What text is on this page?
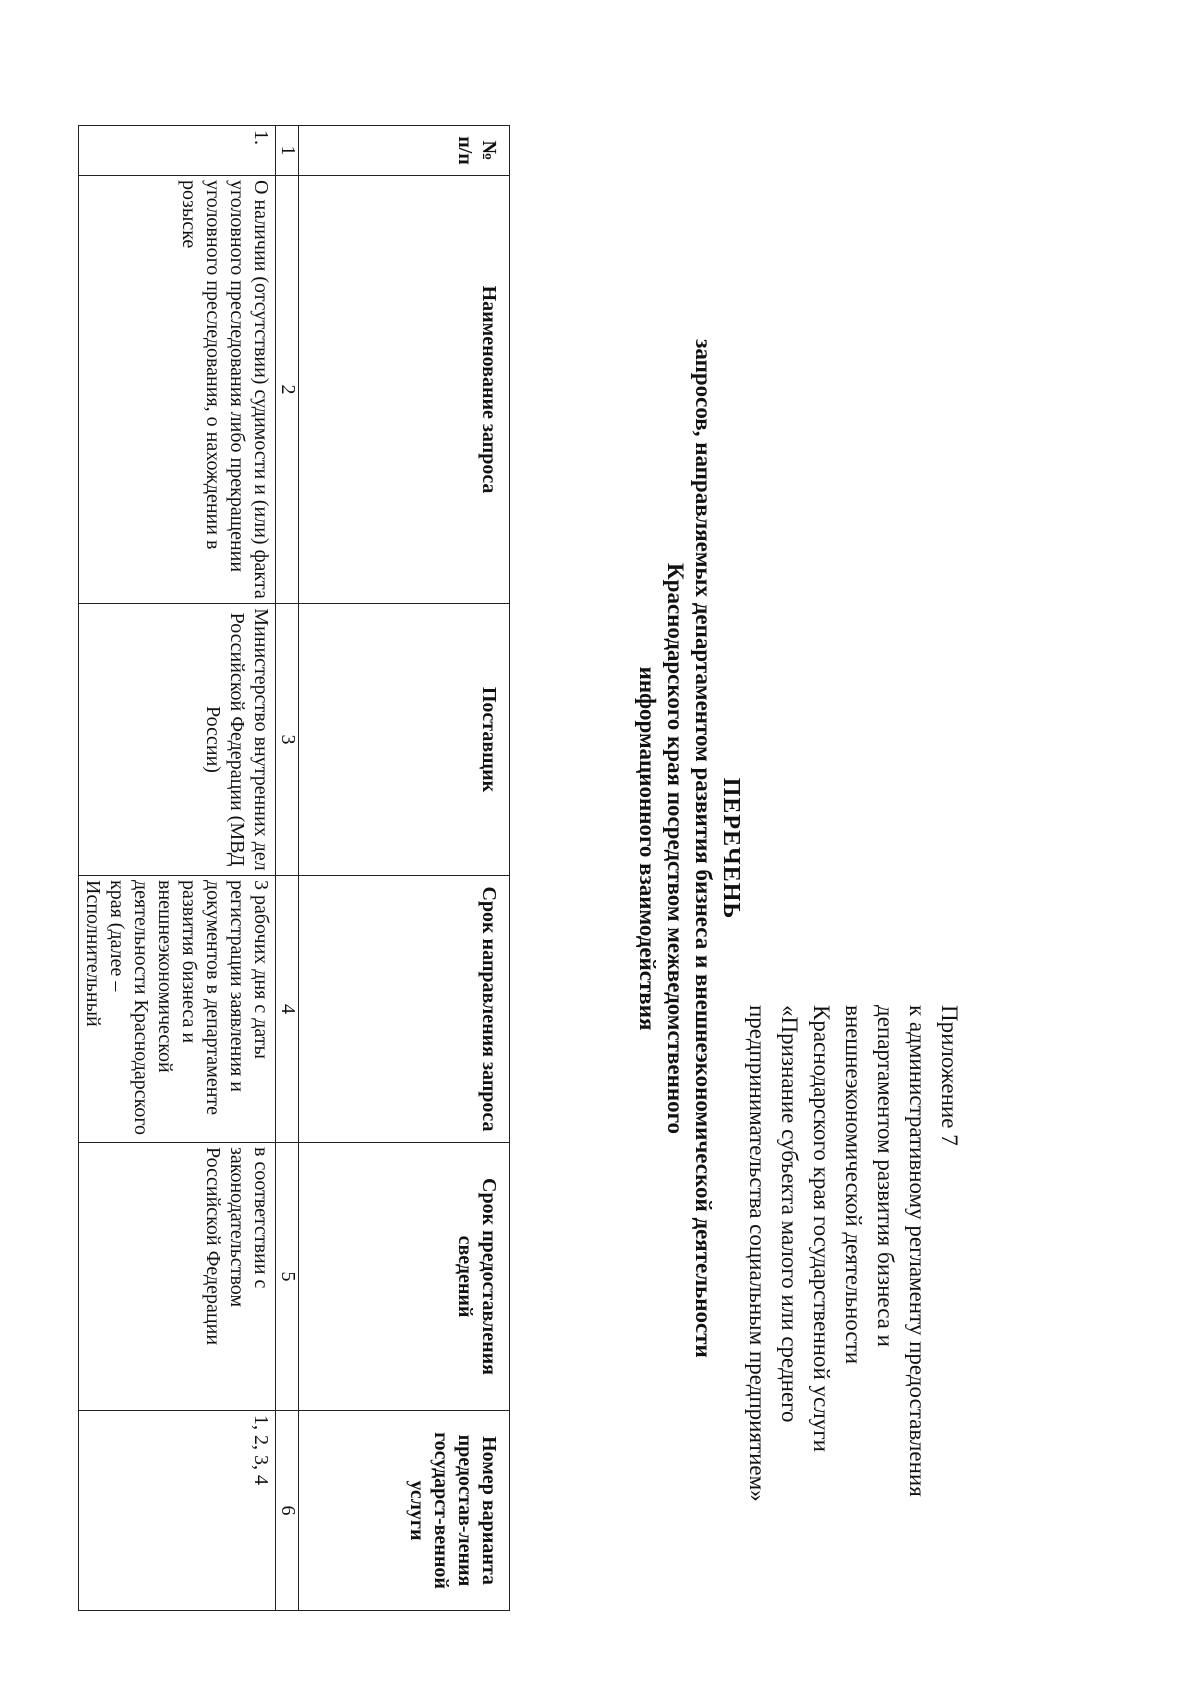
Приложение 7
к административному регламенту предоставления
департаментом развития бизнеса и
внешнеэкономической деятельности
Краснодарского края государственной услуги
«Признание субъекта малого или среднего
предпринимательства социальным предприятием»
ПЕРЕЧЕНЬ
запросов, направляемых департаментом развития бизнеса и внешнеэкономической деятельности
Краснодарского края посредством межведомственного
информационного взаимодействия
№ п/п	Наименование запроса	Поставщик	Срок направления запроса	Срок предоставления сведений	Номер варианта предостав-ления государст-венной услуги
1	2	3	4	5	6
1.	О наличии (отсутствии) судимости и (или) факта уголовного преследования либо прекращении уголовного преследования, о нахождении в розыске	Министерство внутренних дел Российской Федерации (МВД России)	3 рабочих дня с даты регистрации заявления и документов в департаменте развития бизнеса и внешнеэкономической деятельности Краснодарского края (далее – Исполнительный	в соответствии с законодательством Российской Федерации	1, 2, 3, 4
